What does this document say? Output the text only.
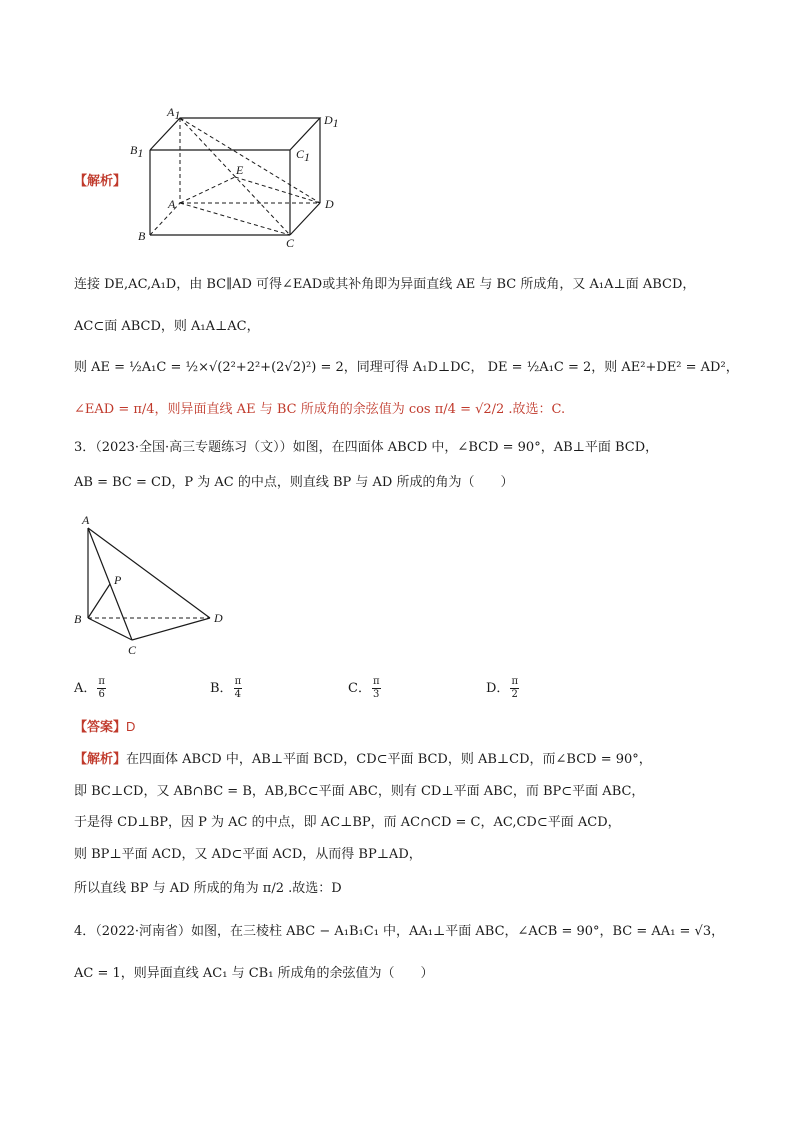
A1	D1
B1	C1
E
A
B	C
D
【解析】
连接 DE,AC,A₁D，由 BC∥AD 可得∠EAD或其补角即为异面直线 AE 与 BC 所成角，又 A₁A⊥面 ABCD，
AC⊂面 ABCD，则 A₁A⊥AC，
则 AE = ½A₁C = ½×√(2²+2²+(2√2)²) = 2，同理可得 A₁D⊥DC， DE = ½A₁C = 2，则 AE²+DE² = AD²，
∠EAD = π/4，则异面直线 AE 与 BC 所成角的余弦值为 cos π/4 = √2/2 .故选：C.
3．（2023·全国·高三专题练习（文））如图，在四面体 ABCD 中，∠BCD = 90°，AB⊥平面 BCD，
AB = BC = CD，P 为 AC 的中点，则直线 BP 与 AD 所成的角为（　　）
A
P
B
C
D
A． $\frac{\pi}{6}$	B． $\frac{\pi}{4}$	C． $\frac{\pi}{3}$	D． $\frac{\pi}{2}$
【答案】D
【解析】在四面体 ABCD 中，AB⊥平面 BCD，CD⊂平面 BCD，则 AB⊥CD，而∠BCD = 90°，
即 BC⊥CD，又 AB∩BC = B，AB,BC⊂平面 ABC，则有 CD⊥平面 ABC，而 BP⊂平面 ABC，
于是得 CD⊥BP，因 P 为 AC 的中点，即 AC⊥BP，而 AC∩CD = C，AC,CD⊂平面 ACD，
则 BP⊥平面 ACD，又 AD⊂平面 ACD，从而得 BP⊥AD，
所以直线 BP 与 AD 所成的角为 π/2 .故选：D
4．（2022·河南省）如图，在三棱柱 ABC − A₁B₁C₁ 中，AA₁⊥平面 ABC，∠ACB = 90°，BC = AA₁ = √3，
AC = 1，则异面直线 AC₁ 与 CB₁ 所成角的余弦值为（　　）
